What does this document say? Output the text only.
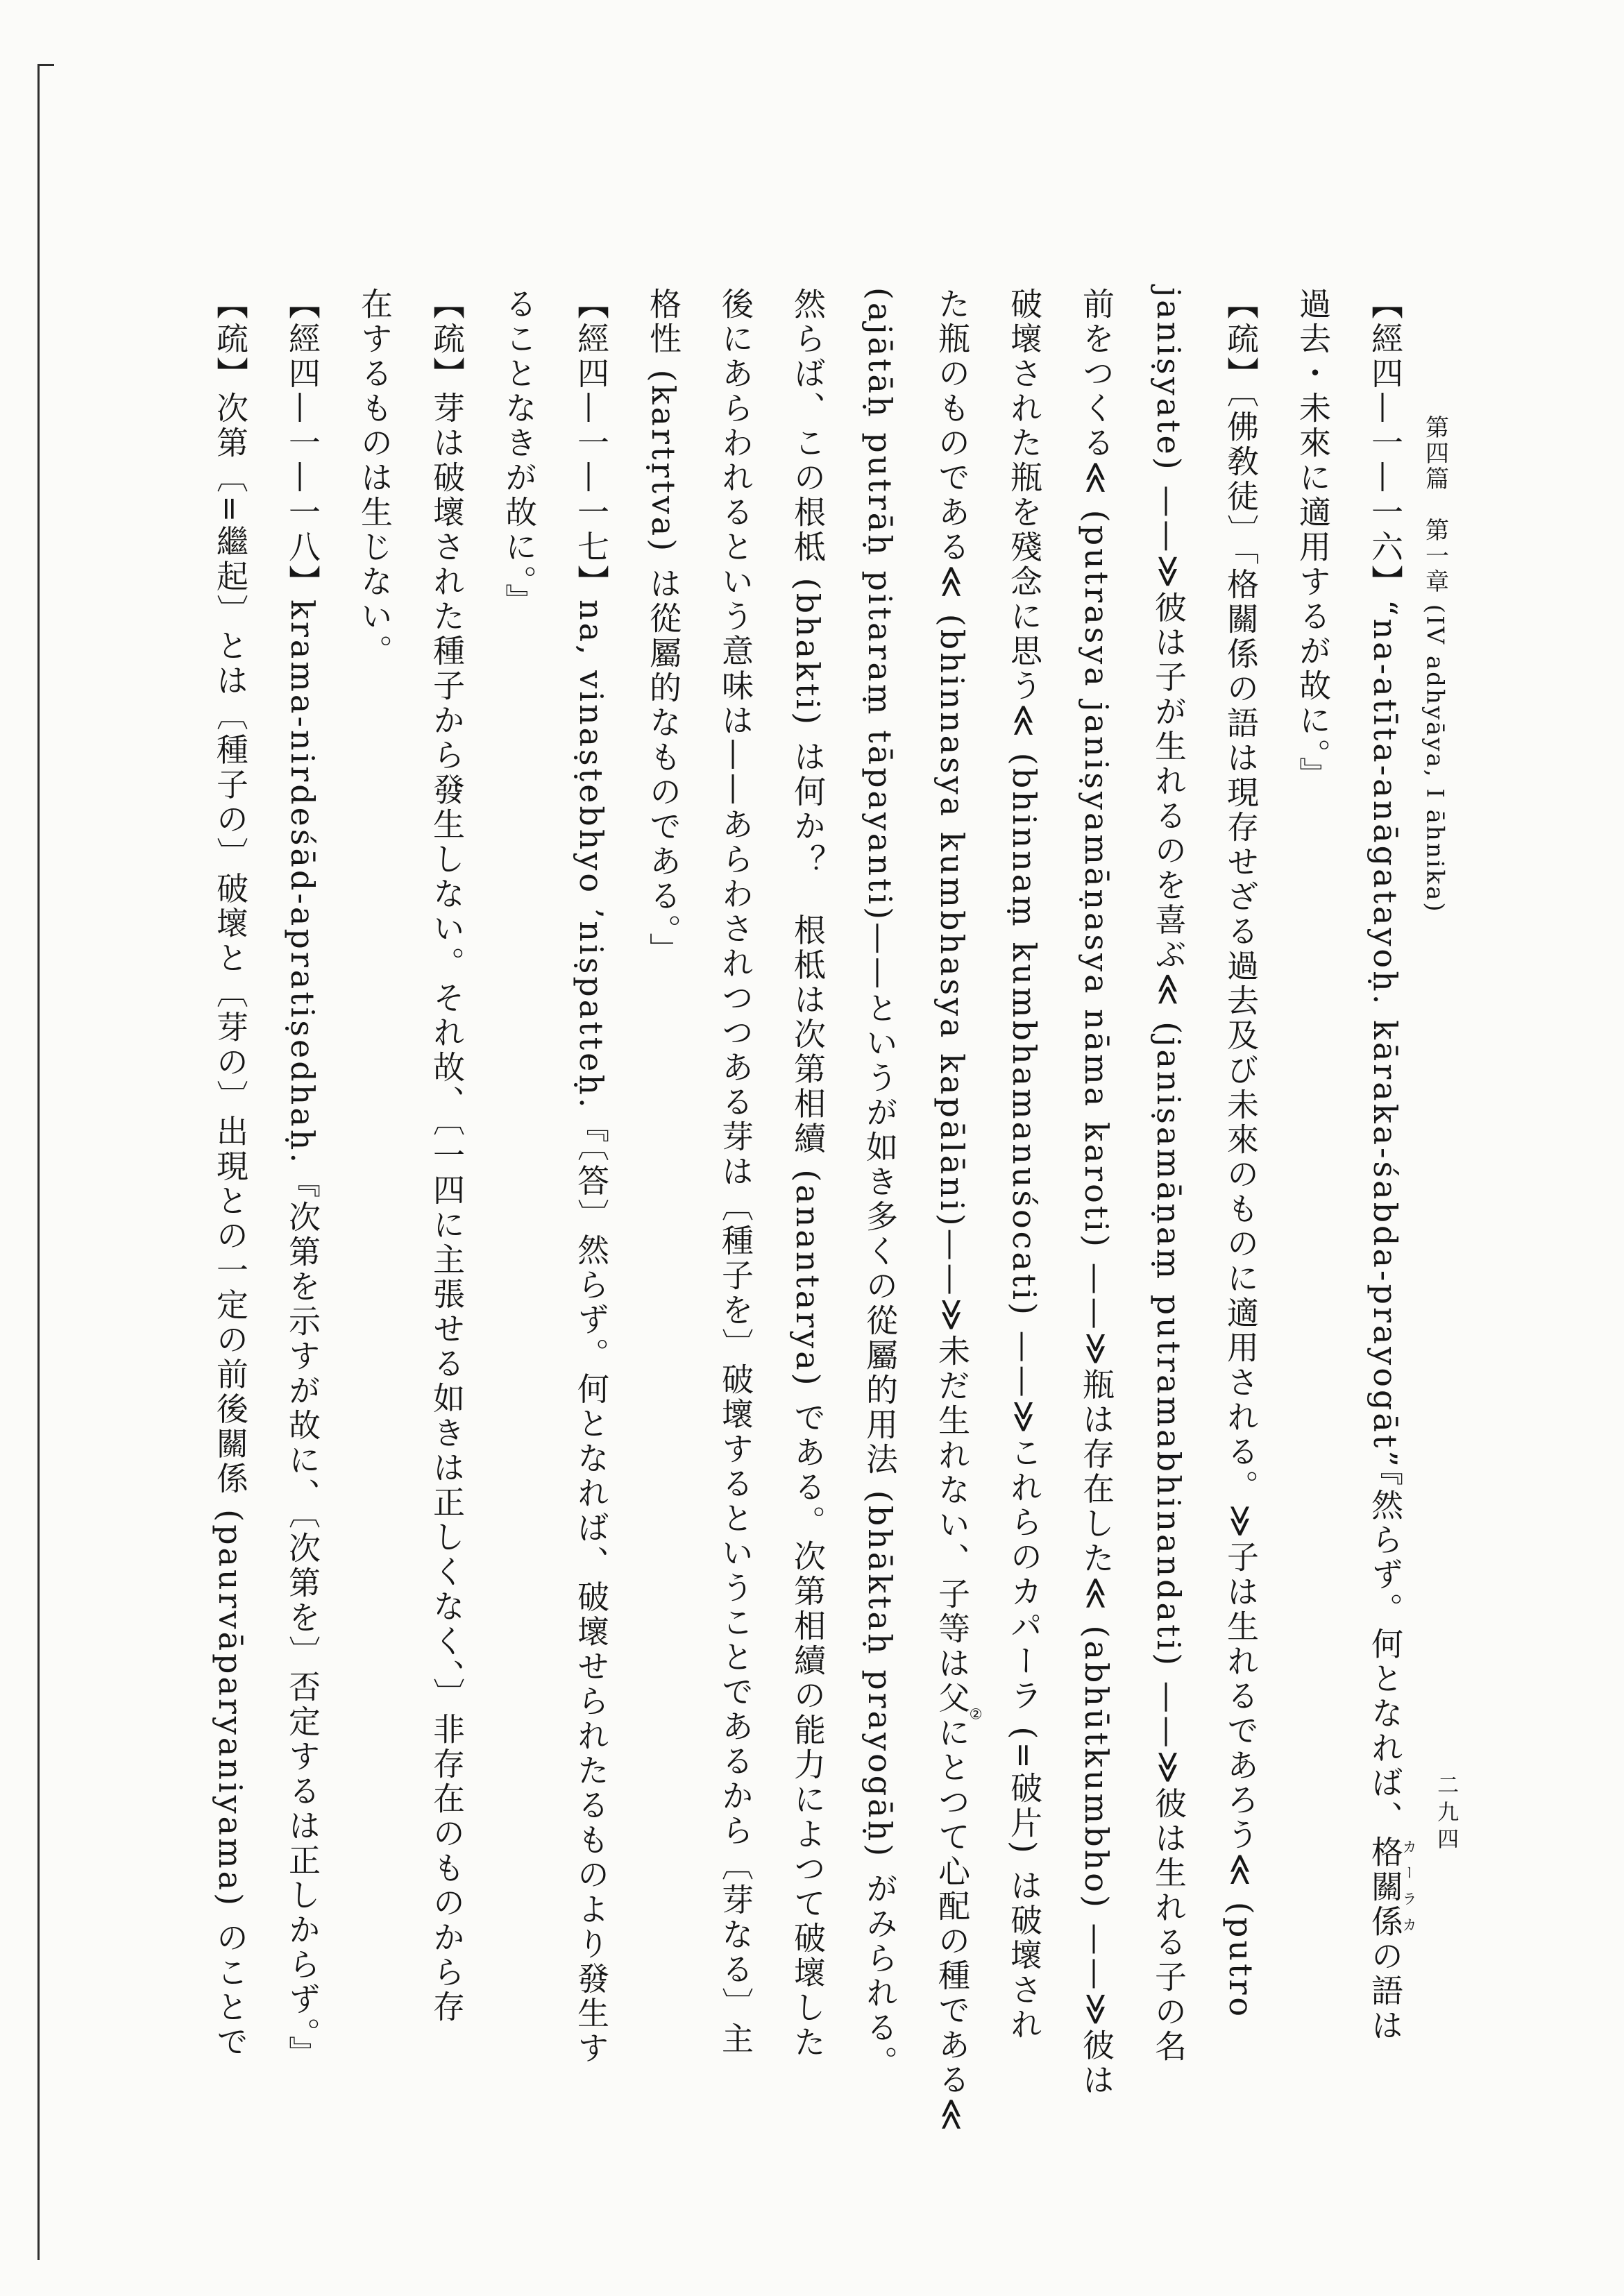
第四篇　第一章 (IV adhyāya, I āhnika)
二九四

【經四—一—一六】“na-atīta-anāgatayoḥ. kāraka-śabda-prayogāt”『然らず。何となれば、格關係カーラカの語は

過去・未來に適用するが故に。』

【疏】〔佛敎徒〕「格關係の語は現存せざる過去及び未來のものに適用される。≫子は生れるであろう≪ (putro

janiṣyate) ——≫彼は子が生れるのを喜ぶ≪ (janiṣamāṇaṃ putramabhinandati) ——≫彼は生れる子の名

前をつくる≪ (putrasya janiṣyamāṇasya nāma karoti) ——≫瓶は存在した≪ (abhūtkumbho) ——≫彼は

破壞された瓶を殘念に思う≪ (bhinnaṃ kumbhamanuśocati) ——≫これらのカパーラ (=破片) は破壞され

た瓶のものである≪ (bhinnasya kumbhasya kapālāni)——≫未だ生れない、子等は父に②とつて心配の種である≪

(ajātāḥ putrāḥ pitaraṃ tāpayanti)——というが如き多くの從屬的用法 (bhāktaḥ prayogāḥ) がみられる。

然らば、この根柢 (bhakti) は何か？　根柢は次第相續 (anantarya) である。次第相續の能力によつて破壞した

後にあらわれるという意味は——あらわされつつある芽は〔種子を〕破壞するということであるから〔芽なる〕主

格性 (kartṛtva) は從屬的なものである。」

【經四—一—一七】na, vinaṣṭebhyo ’niṣpatteḥ.『〔答〕然らず。何となれば、破壞せられたるものより發生す

ることなきが故に。』

【疏】芽は破壞された種子から發生しない。それ故、〔一四に主張せる如きは正しくなく、〕非存在のものから存

在するものは生じない。

【經四—一—一八】krama-nirdeśād-apratiṣedhaḥ.『次第を示すが故に、〔次第を〕否定するは正しからず。』

【疏】次第〔=繼起〕とは〔種子の〕破壞と〔芽の〕出現との一定の前後關係 (paurvāparyaniyama) のことで
